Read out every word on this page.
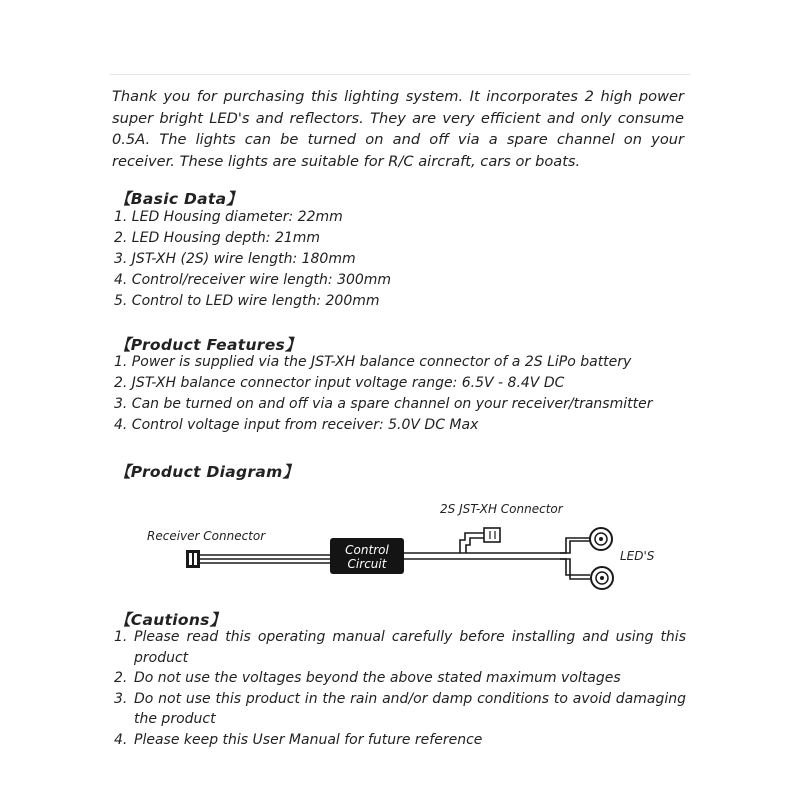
Thank you for purchasing this lighting system. It incorporates 2 high power super bright LED's and reflectors. They are very efficient and only consume 0.5A. The lights can be turned on and off via a spare channel on your receiver. These lights are suitable for R/C aircraft, cars or boats.

【Basic Data】
1. LED Housing diameter: 22mm
2. LED Housing depth: 21mm
3. JST-XH (2S) wire length: 180mm
4. Control/receiver wire length: 300mm
5. Control to LED wire length: 200mm
【Product Features】
1. Power is supplied via the JST-XH balance connector of a 2S LiPo battery
2. JST-XH balance connector input voltage range: 6.5V - 8.4V DC
3. Can be turned on and off via a spare channel on your receiver/transmitter
4. Control voltage input from receiver: 5.0V DC Max
【Product Diagram】
2S JST-XH Connector
Receiver Connector
Control
Circuit
LED'S
【Cautions】
1. Please read this operating manual carefully before installing and using this product
2. Do not use the voltages beyond the above stated maximum voltages
3. Do not use this product in the rain and/or damp conditions to avoid damaging the product
4. Please keep this User Manual for future reference
